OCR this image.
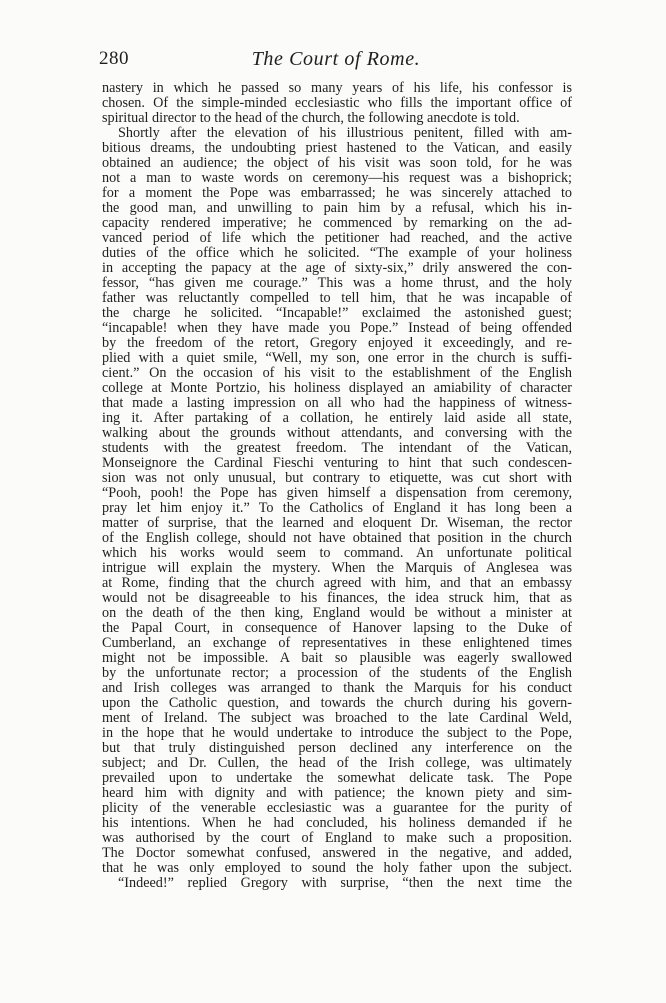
280	The Court of Rome.
nastery in which he passed so many years of his life, his confessor is
chosen. Of the simple-minded ecclesiastic who fills the important office of
spiritual director to the head of the church, the following anecdote is told.
Shortly after the elevation of his illustrious penitent, filled with am-
bitious dreams, the undoubting priest hastened to the Vatican, and easily
obtained an audience; the object of his visit was soon told, for he was
not a man to waste words on ceremony—his request was a bishoprick;
for a moment the Pope was embarrassed; he was sincerely attached to
the good man, and unwilling to pain him by a refusal, which his in-
capacity rendered imperative; he commenced by remarking on the ad-
vanced period of life which the petitioner had reached, and the active
duties of the office which he solicited. “The example of your holiness
in accepting the papacy at the age of sixty-six,” drily answered the con-
fessor, “has given me courage.” This was a home thrust, and the holy
father was reluctantly compelled to tell him, that he was incapable of
the charge he solicited. “Incapable!” exclaimed the astonished guest;
“incapable! when they have made you Pope.” Instead of being offended
by the freedom of the retort, Gregory enjoyed it exceedingly, and re-
plied with a quiet smile, “Well, my son, one error in the church is suffi-
cient.” On the occasion of his visit to the establishment of the English
college at Monte Portzio, his holiness displayed an amiability of character
that made a lasting impression on all who had the happiness of witness-
ing it. After partaking of a collation, he entirely laid aside all state,
walking about the grounds without attendants, and conversing with the
students with the greatest freedom. The intendant of the Vatican,
Monseignore the Cardinal Fieschi venturing to hint that such condescen-
sion was not only unusual, but contrary to etiquette, was cut short with
“Pooh, pooh! the Pope has given himself a dispensation from ceremony,
pray let him enjoy it.” To the Catholics of England it has long been a
matter of surprise, that the learned and eloquent Dr. Wiseman, the rector
of the English college, should not have obtained that position in the church
which his works would seem to command. An unfortunate political
intrigue will explain the mystery. When the Marquis of Anglesea was
at Rome, finding that the church agreed with him, and that an embassy
would not be disagreeable to his finances, the idea struck him, that as
on the death of the then king, England would be without a minister at
the Papal Court, in consequence of Hanover lapsing to the Duke of
Cumberland, an exchange of representatives in these enlightened times
might not be impossible. A bait so plausible was eagerly swallowed
by the unfortunate rector; a procession of the students of the English
and Irish colleges was arranged to thank the Marquis for his conduct
upon the Catholic question, and towards the church during his govern-
ment of Ireland. The subject was broached to the late Cardinal Weld,
in the hope that he would undertake to introduce the subject to the Pope,
but that truly distinguished person declined any interference on the
subject; and Dr. Cullen, the head of the Irish college, was ultimately
prevailed upon to undertake the somewhat delicate task. The Pope
heard him with dignity and with patience; the known piety and sim-
plicity of the venerable ecclesiastic was a guarantee for the purity of
his intentions. When he had concluded, his holiness demanded if he
was authorised by the court of England to make such a proposition.
The Doctor somewhat confused, answered in the negative, and added,
that he was only employed to sound the holy father upon the subject.
“Indeed!” replied Gregory with surprise, “then the next time the
